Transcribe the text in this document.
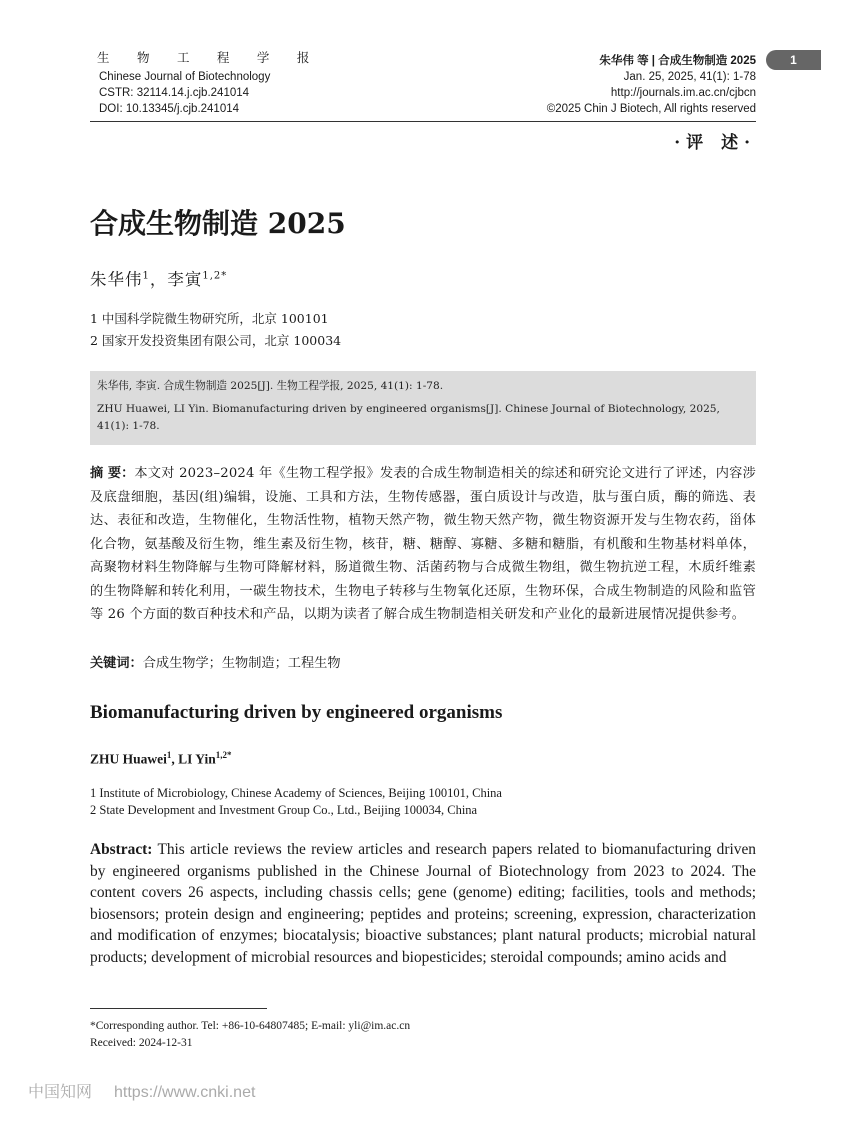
生 物 工 程 学 报
Chinese Journal of Biotechnology
CSTR: 32114.14.j.cjb.241014
DOI: 10.13345/j.cjb.241014
朱华伟 等 | 合成生物制造 2025
Jan. 25, 2025, 41(1): 1-78
http://journals.im.ac.cn/cjbcn
©2025 Chin J Biotech, All rights reserved
1
·评 述·
合成生物制造 2025
朱华伟$^1$，李寅$^{1,2*}$
1 中国科学院微生物研究所，北京 100101
2 国家开发投资集团有限公司，北京 100034
朱华伟, 李寅. 合成生物制造 2025[J]. 生物工程学报, 2025, 41(1): 1-78.
ZHU Huawei, LI Yin. Biomanufacturing driven by engineered organisms[J]. Chinese Journal of Biotechnology, 2025, 41(1): 1-78.
摘 要：本文对 2023–2024 年《生物工程学报》发表的合成生物制造相关的综述和研究论文进行了评述，内容涉及底盘细胞，基因(组)编辑，设施、工具和方法，生物传感器，蛋白质设计与改造，肽与蛋白质，酶的筛选、表达、表征和改造，生物催化，生物活性物，植物天然产物，微生物天然产物，微生物资源开发与生物农药，甾体化合物，氨基酸及衍生物，维生素及衍生物，核苷，糖、糖醇、寡糖、多糖和糖脂，有机酸和生物基材料单体，高聚物材料生物降解与生物可降解材料，肠道微生物、活菌药物与合成微生物组，微生物抗逆工程，木质纤维素的生物降解和转化利用，一碳生物技术，生物电子转移与生物氧化还原，生物环保，合成生物制造的风险和监管等 26 个方面的数百种技术和产品，以期为读者了解合成生物制造相关研发和产业化的最新进展情况提供参考。
关键词：合成生物学；生物制造；工程生物
Biomanufacturing driven by engineered organisms
ZHU Huawei$^1$, LI Yin$^{1,2*}$
1 Institute of Microbiology, Chinese Academy of Sciences, Beijing 100101, China
2 State Development and Investment Group Co., Ltd., Beijing 100034, China
Abstract: This article reviews the review articles and research papers related to biomanufacturing driven by engineered organisms published in the Chinese Journal of Biotechnology from 2023 to 2024. The content covers 26 aspects, including chassis cells; gene (genome) editing; facilities, tools and methods; biosensors; protein design and engineering; peptides and proteins; screening, expression, characterization and modification of enzymes; biocatalysis; bioactive substances; plant natural products; microbial natural products; development of microbial resources and biopesticides; steroidal compounds; amino acids and
*Corresponding author. Tel: +86-10-64807485; E-mail: yli@im.ac.cn
Received: 2024-12-31
中国知网 https://www.cnki.net
